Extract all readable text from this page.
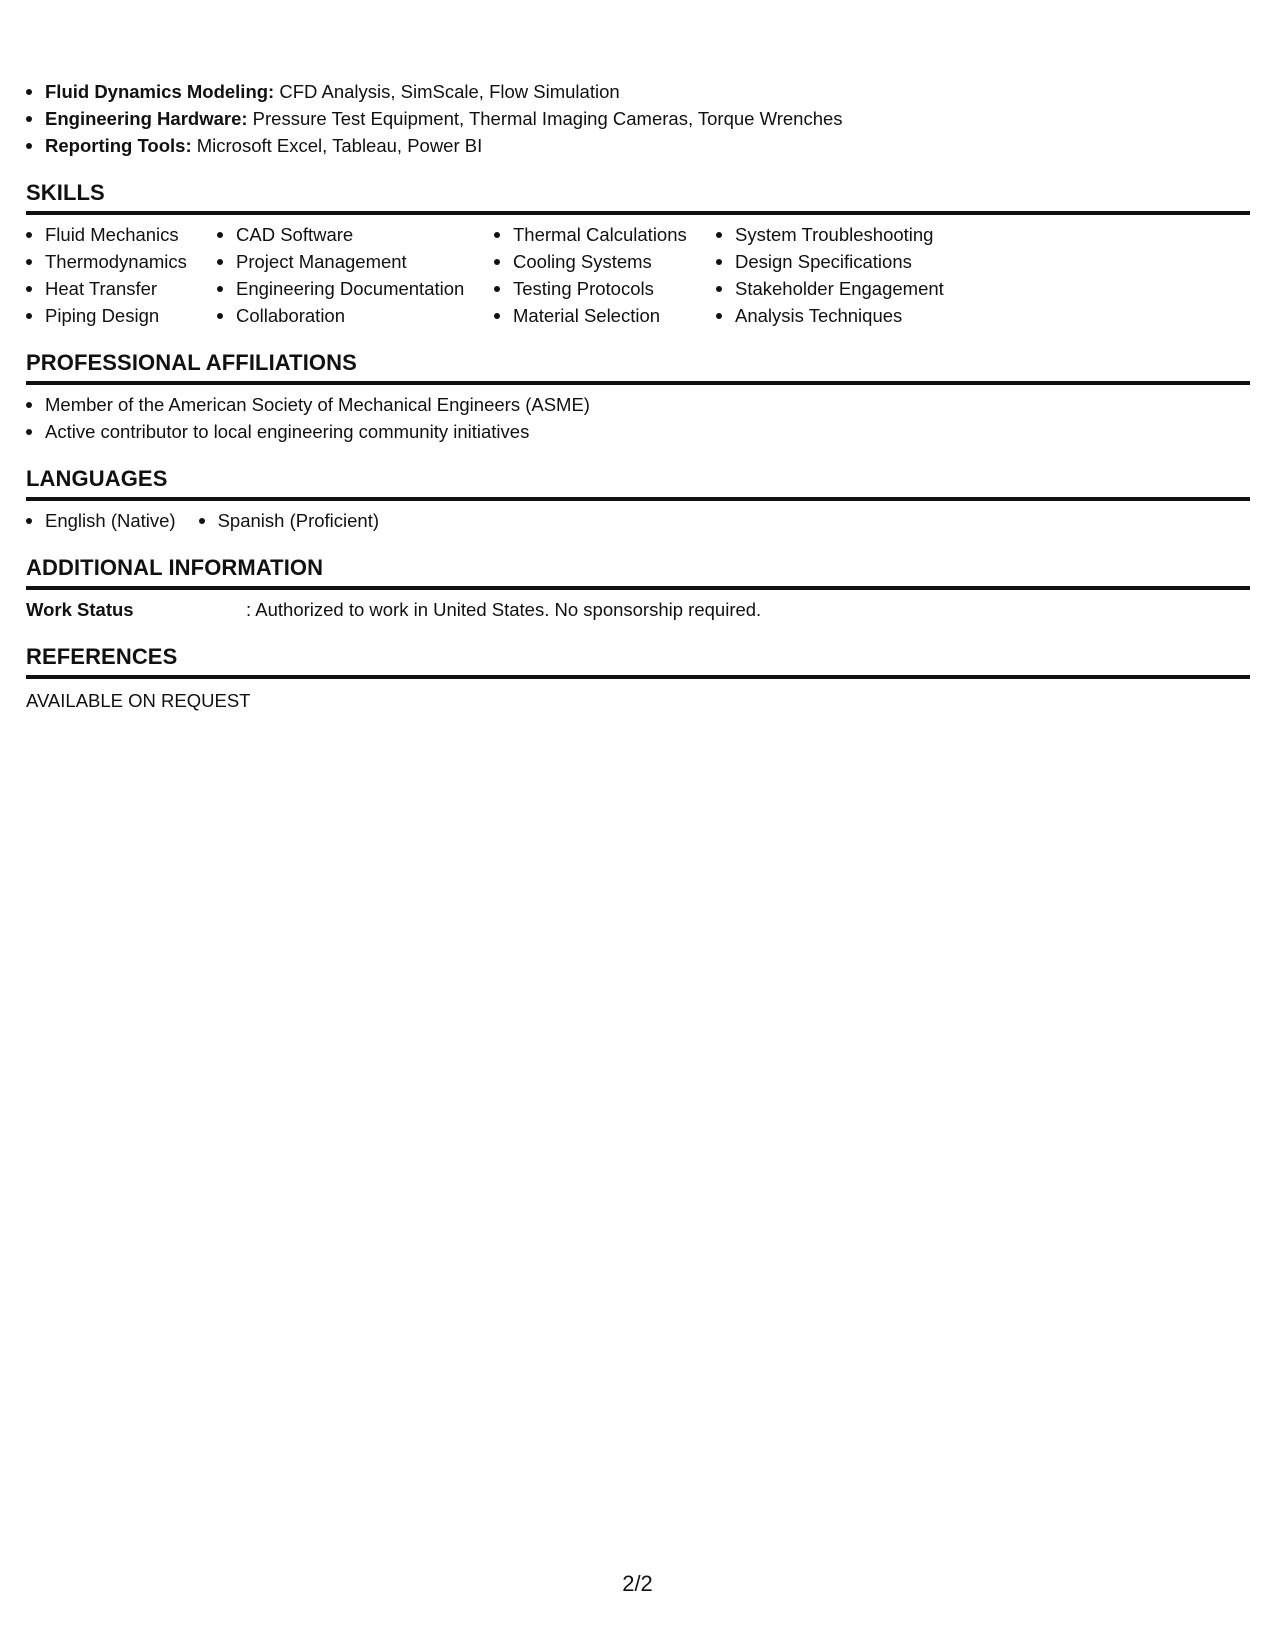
Fluid Dynamics Modeling: CFD Analysis, SimScale, Flow Simulation
Engineering Hardware: Pressure Test Equipment, Thermal Imaging Cameras, Torque Wrenches
Reporting Tools: Microsoft Excel, Tableau, Power BI
SKILLS
Fluid Mechanics
Thermodynamics
Heat Transfer
Piping Design
CAD Software
Project Management
Engineering Documentation
Collaboration
Thermal Calculations
Cooling Systems
Testing Protocols
Material Selection
System Troubleshooting
Design Specifications
Stakeholder Engagement
Analysis Techniques
PROFESSIONAL AFFILIATIONS
Member of the American Society of Mechanical Engineers (ASME)
Active contributor to local engineering community initiatives
LANGUAGES
English (Native)	Spanish (Proficient)
ADDITIONAL INFORMATION
Work Status	: Authorized to work in United States. No sponsorship required.
REFERENCES
AVAILABLE ON REQUEST
2/2
